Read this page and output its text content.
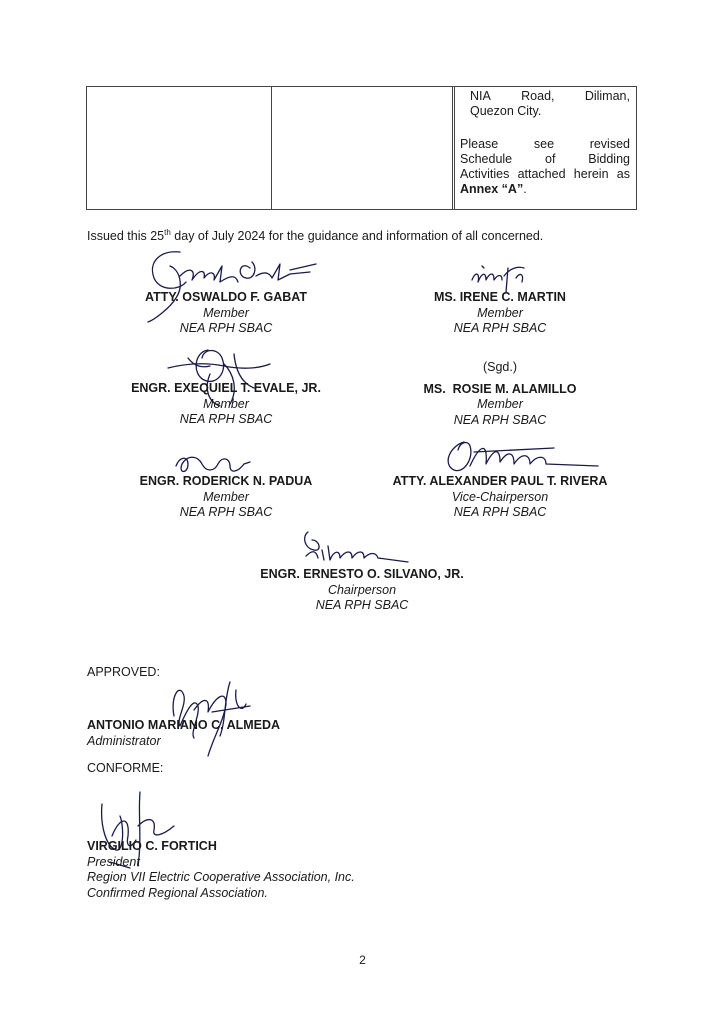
NIA Road, Diliman,
Quezon City.
Please see revised
Schedule of Bidding
Activities attached herein as
Annex “A”.
Issued this 25th day of July 2024 for the guidance and information of all concerned.
ATTY. OSWALDO F. GABAT
Member
NEA RPH SBAC
MS. IRENE C. MARTIN
Member
NEA RPH SBAC
ENGR. EXEQUIEL T. EVALE, JR.
Member
NEA RPH SBAC
(Sgd.)
MS.  ROSIE M. ALAMILLO
Member
NEA RPH SBAC
ENGR. RODERICK N. PADUA
Member
NEA RPH SBAC
ATTY. ALEXANDER PAUL T. RIVERA
Vice-Chairperson
NEA RPH SBAC
ENGR. ERNESTO O. SILVANO, JR.
Chairperson
NEA RPH SBAC
APPROVED:
ANTONIO MARIANO C. ALMEDA
Administrator
CONFORME:
VIRGILIO C. FORTICH
President
Region VII Electric Cooperative Association, Inc.
Confirmed Regional Association.
2
